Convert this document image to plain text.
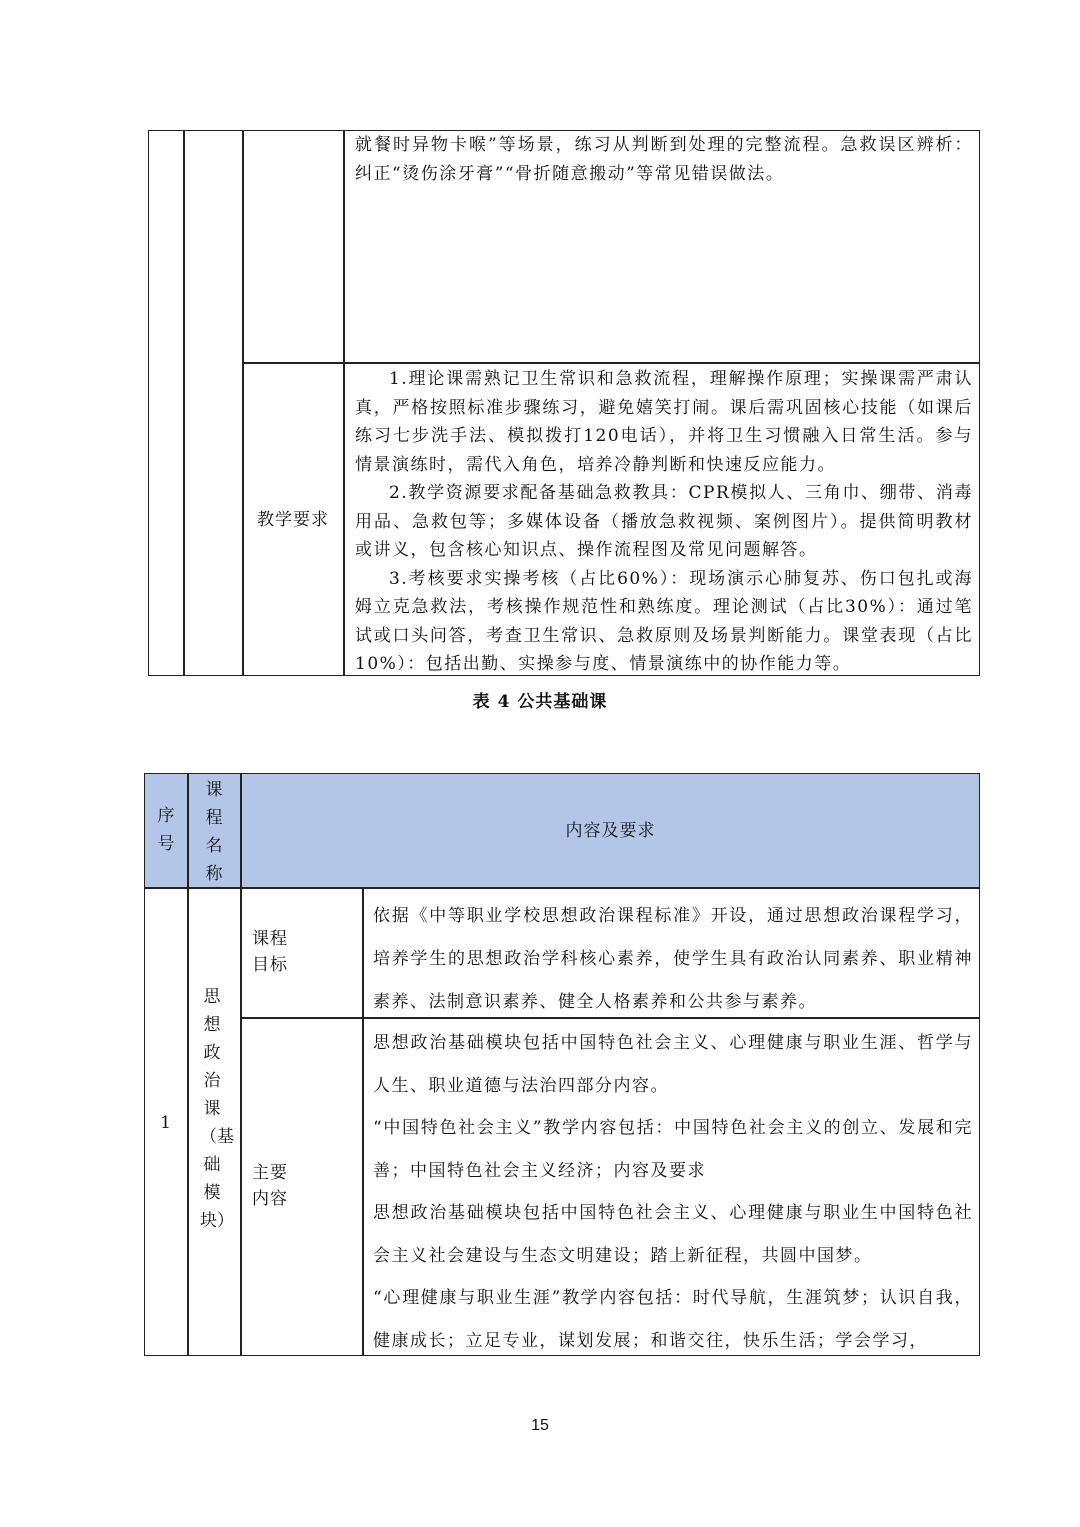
就餐时异物卡喉”等场景，练习从判断到处理的完整流程。急救误区辨析：纠正“烫伤涂牙膏”“骨折随意搬动”等常见错误做法。

教学要求

1.理论课需熟记卫生常识和急救流程，理解操作原理；实操课需严肃认真，严格按照标准步骤练习，避免嬉笑打闹。课后需巩固核心技能（如课后练习七步洗手法、模拟拨打120电话），并将卫生习惯融入日常生活。参与情景演练时，需代入角色，培养冷静判断和快速反应能力。

2.教学资源要求配备基础急救教具：CPR模拟人、三角巾、绷带、消毒用品、急救包等；多媒体设备（播放急救视频、案例图片）。提供简明教材或讲义，包含核心知识点、操作流程图及常见问题解答。

3.考核要求实操考核（占比60%）：现场演示心肺复苏、伤口包扎或海姆立克急救法，考核操作规范性和熟练度。理论测试（占比30%）：通过笔试或口头问答，考查卫生常识、急救原则及场景判断能力。课堂表现（占比10%）：包括出勤、实操参与度、情景演练中的协作能力等。

表 4 公共基础课
序号
课程名称
内容及要求
1
思想政治课（基础模块）
课程目标

依据《中等职业学校思想政治课程标准》开设，通过思想政治课程学习，培养学生的思想政治学科核心素养，使学生具有政治认同素养、职业精神素养、法制意识素养、健全人格素养和公共参与素养。

主要内容

思想政治基础模块包括中国特色社会主义、心理健康与职业生涯、哲学与人生、职业道德与法治四部分内容。

“中国特色社会主义”教学内容包括：中国特色社会主义的创立、发展和完善；中国特色社会主义经济；内容及要求

思想政治基础模块包括中国特色社会主义、心理健康与职业生中国特色社会主义社会建设与生态文明建设；踏上新征程，共圆中国梦。

“心理健康与职业生涯”教学内容包括：时代导航，生涯筑梦；认识自我，健康成长；立足专业，谋划发展；和谐交往，快乐生活；学会学习，

15
